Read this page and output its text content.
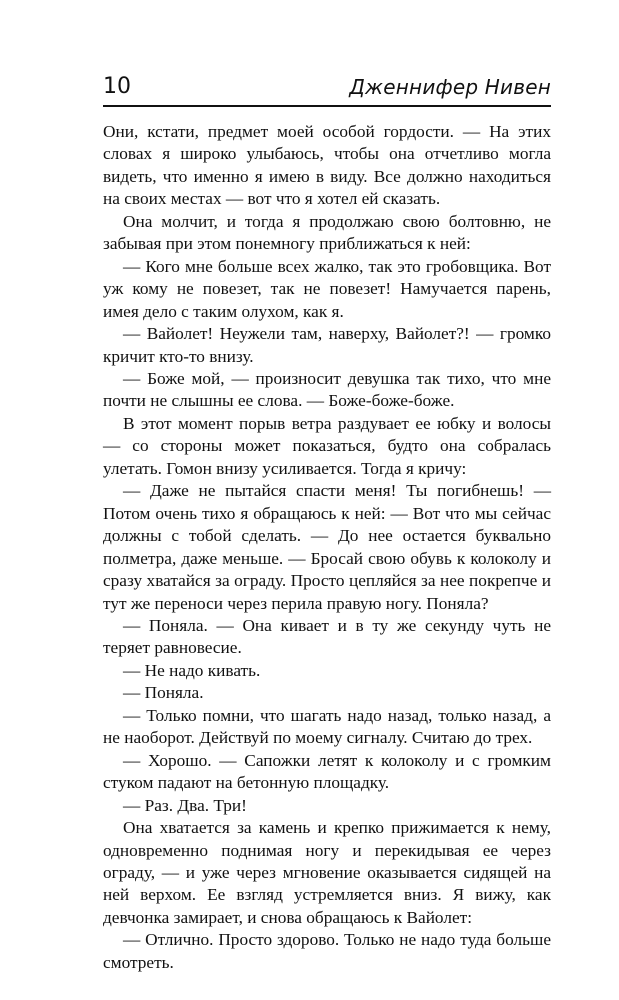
10	Дженнифер Нивен

Они, кстати, предмет моей особой гордости. — На этих словах я широко улыбаюсь, чтобы она отчетливо могла видеть, что именно я имею в виду. Все должно находиться на своих местах — вот что я хотел ей сказать.

Она молчит, и тогда я продолжаю свою болтовню, не забывая при этом понемногу приближаться к ней:

— Кого мне больше всех жалко, так это гробовщика. Вот уж кому не повезет, так не повезет! Намучается парень, имея дело с таким олухом, как я.

— Вайолет! Неужели там, наверху, Вайолет?! — громко кричит кто-то внизу.

— Боже мой, — произносит девушка так тихо, что мне почти не слышны ее слова. — Боже-боже-боже.

В этот момент порыв ветра раздувает ее юбку и волосы — со стороны может показаться, будто она собралась улетать. Гомон внизу усиливается. Тогда я кричу:

— Даже не пытайся спасти меня! Ты погибнешь! — Потом очень тихо я обращаюсь к ней: — Вот что мы сейчас должны с тобой сделать. — До нее остается буквально полметра, даже меньше. — Бросай свою обувь к колоколу и сразу хватайся за ограду. Просто цепляйся за нее покрепче и тут же переноси через перила правую ногу. Поняла?

— Поняла. — Она кивает и в ту же секунду чуть не теряет равновесие.

— Не надо кивать.

— Поняла.

— Только помни, что шагать надо назад, только назад, а не наоборот. Действуй по моему сигналу. Считаю до трех.

— Хорошо. — Сапожки летят к колоколу и с громким стуком падают на бетонную площадку.

— Раз. Два. Три!

Она хватается за камень и крепко прижимается к нему, одновременно поднимая ногу и перекидывая ее через ограду, — и уже через мгновение оказывается сидящей на ней верхом. Ее взгляд устремляется вниз. Я вижу, как девчонка замирает, и снова обращаюсь к Вайолет:

— Отлично. Просто здорово. Только не надо туда больше смотреть.
